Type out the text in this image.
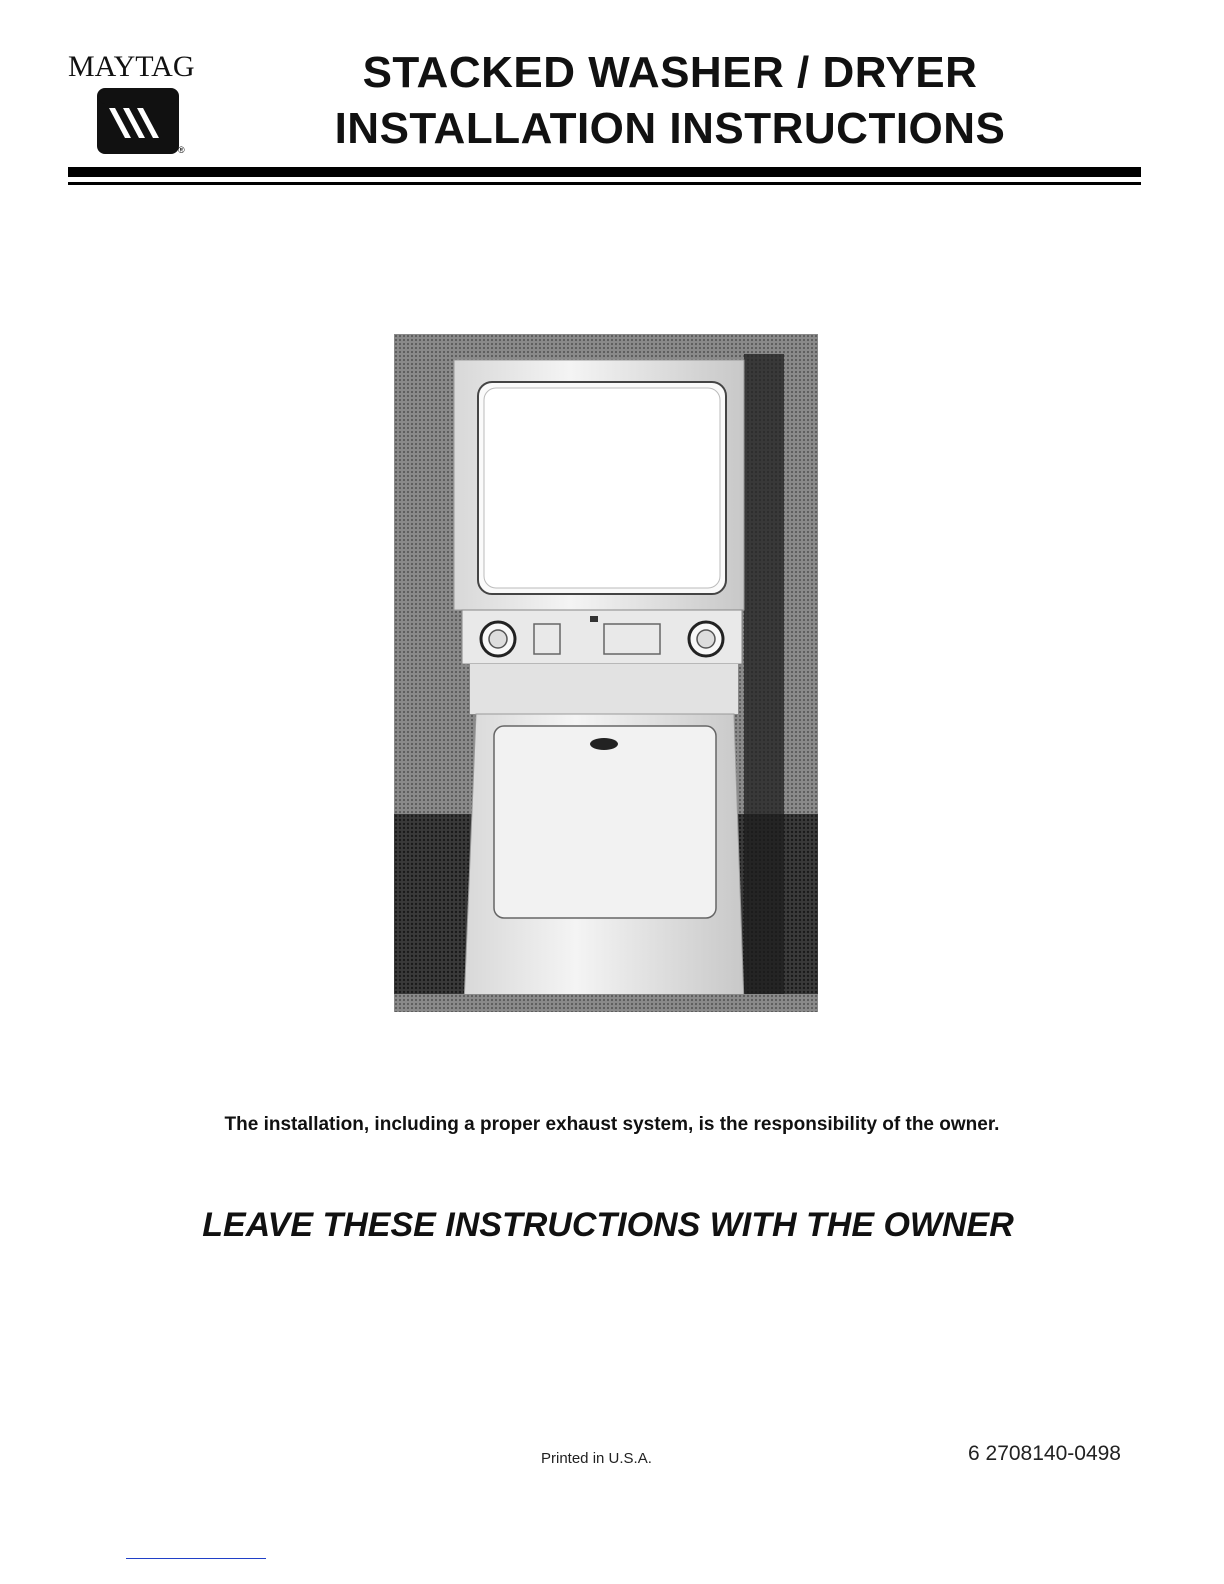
MAYTAG
®
STACKED WASHER / DRYER
INSTALLATION INSTRUCTIONS
The installation, including a proper exhaust system, is the responsibility of the owner.
LEAVE THESE INSTRUCTIONS WITH THE OWNER
Printed in U.S.A.	6 2708140-0498
